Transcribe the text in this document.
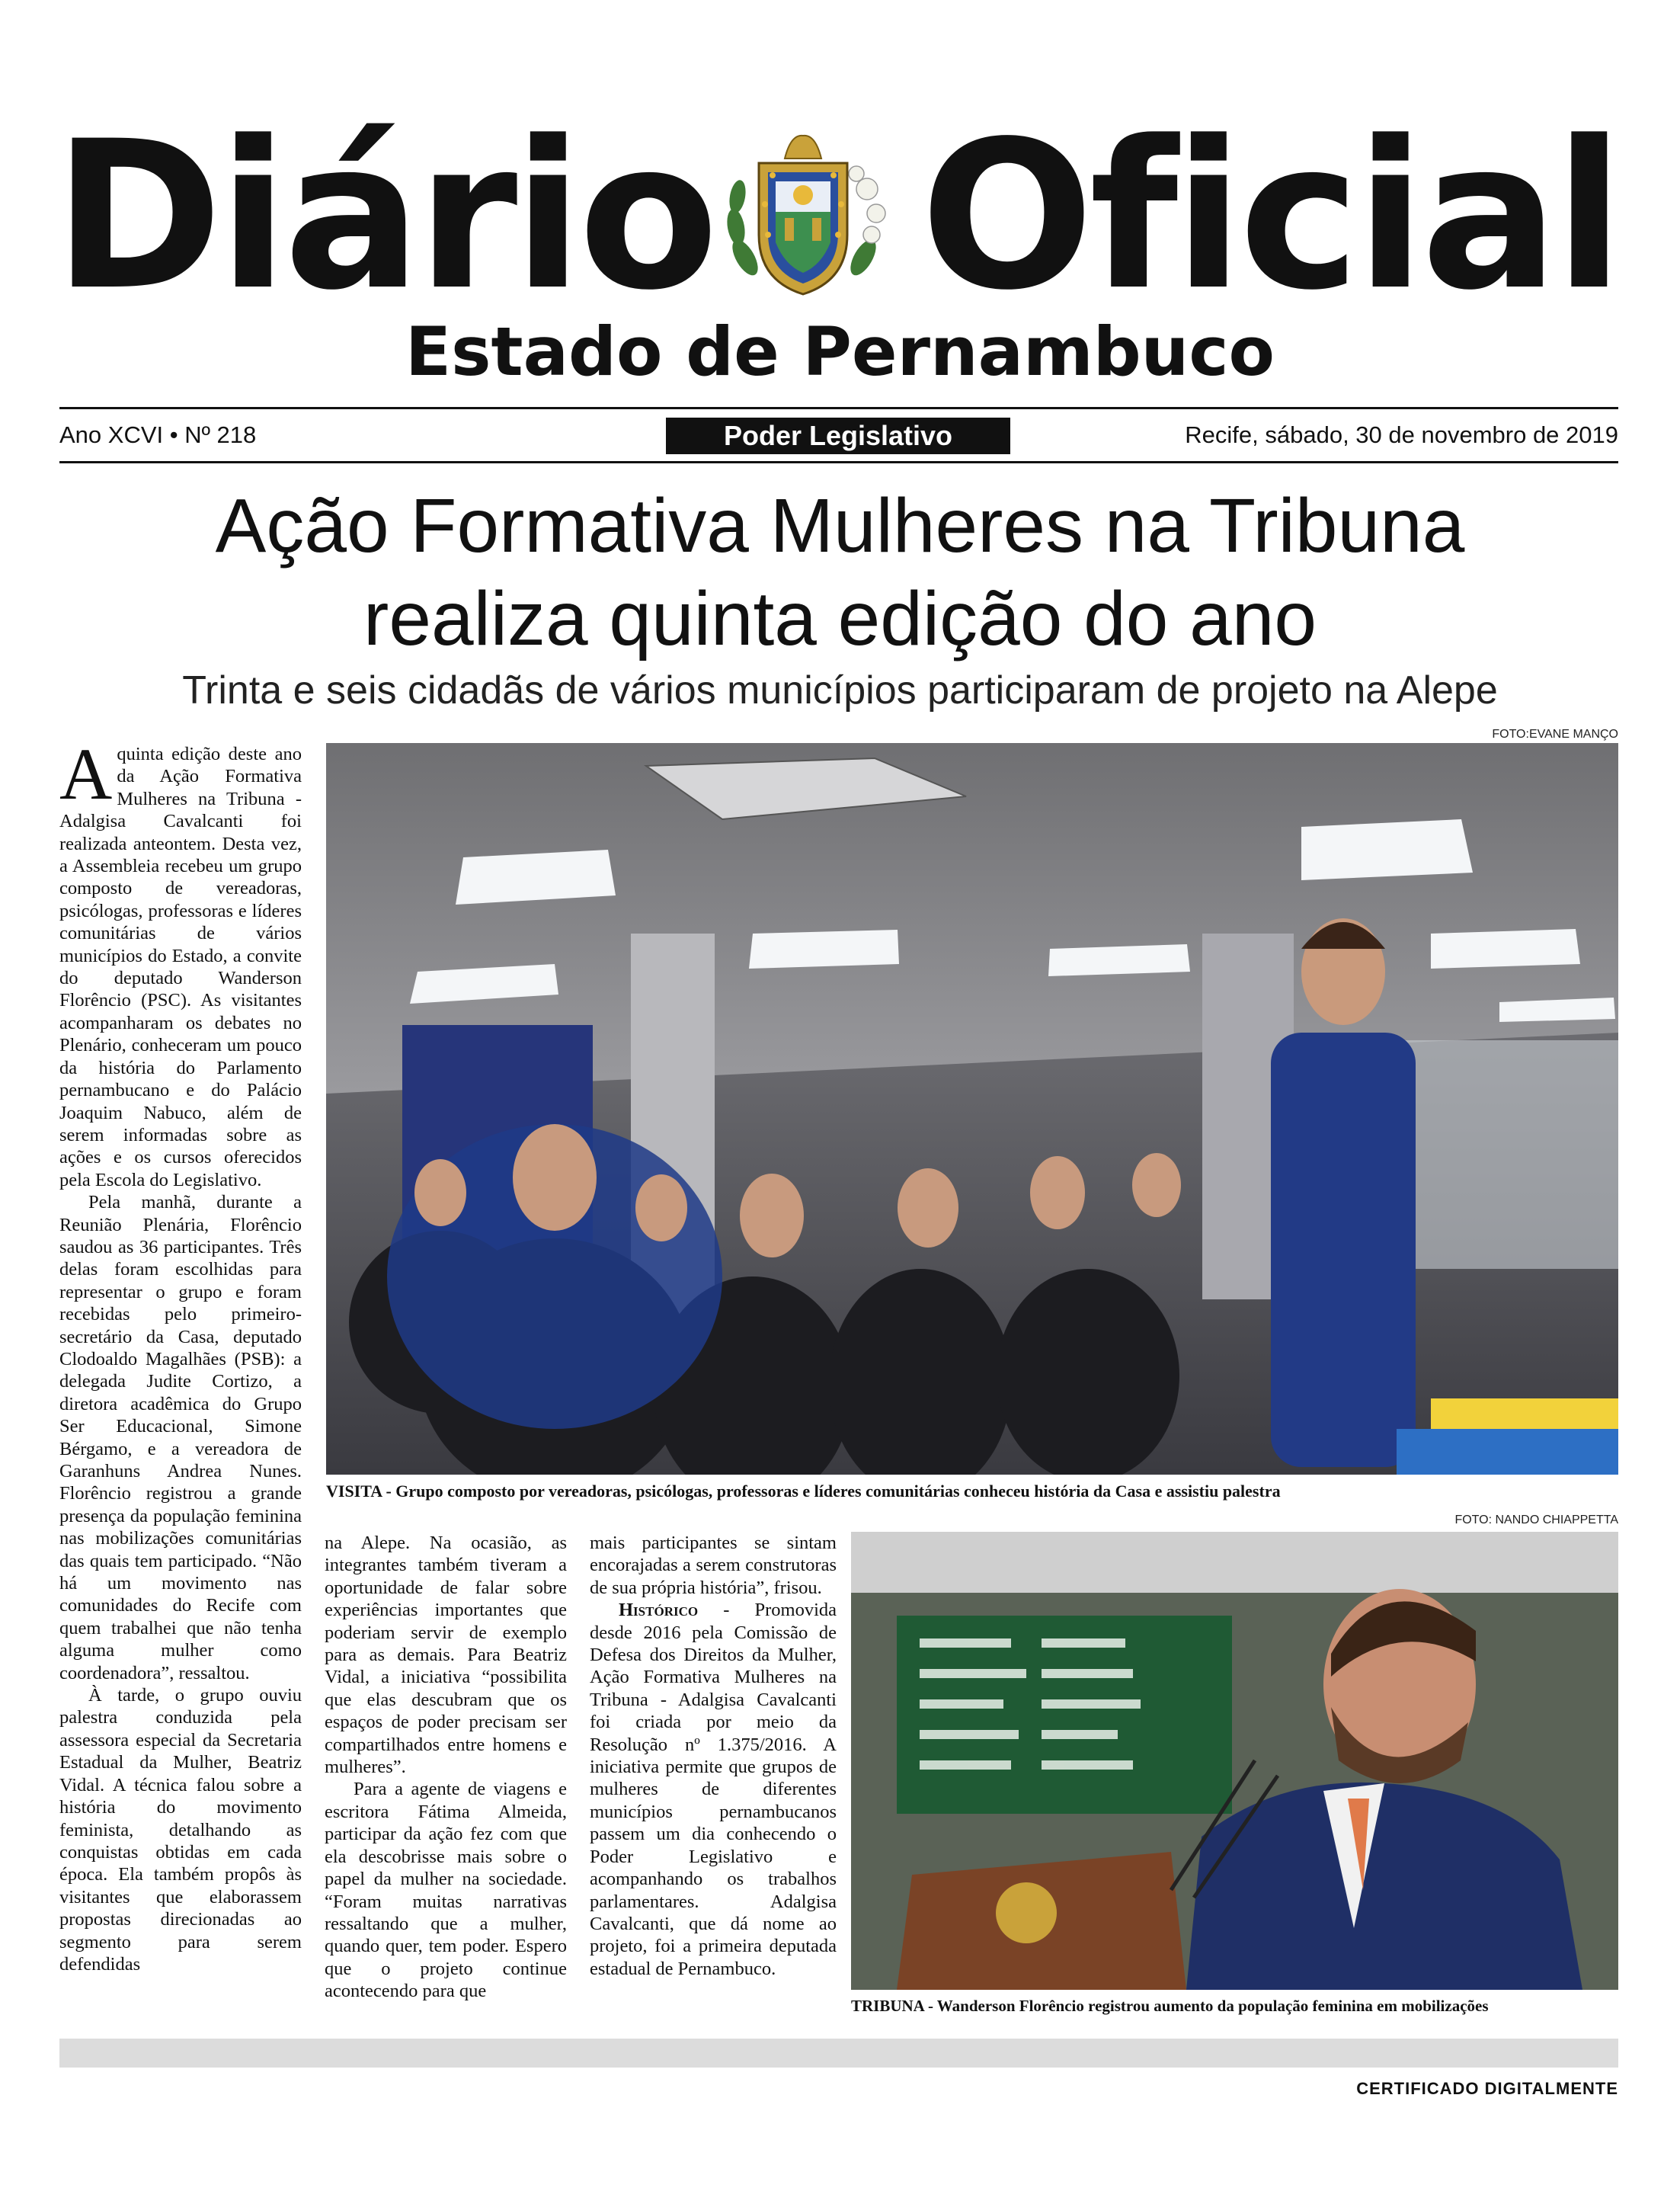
Diário Oficial
Estado de Pernambuco
Ano XCVI • Nº 218	Poder Legislativo	Recife, sábado, 30 de novembro de 2019
Ação Formativa Mulheres na Tribuna
realiza quinta edição do ano
Trinta e seis cidadãs de vários municípios participaram de projeto na Alepe
FOTO:EVANE MANÇO
VISITA - Grupo composto por vereadoras, psicólogas, professoras e líderes comunitárias conheceu história da Casa e assistiu palestra
FOTO: NANDO CHIAPPETTA
TRIBUNA - Wanderson Florêncio registrou aumento da população feminina em mobilizações

A quinta edição deste ano da Ação Formativa Mulheres na Tribuna - Adalgisa Cavalcanti foi realizada anteontem. Desta vez, a Assembleia recebeu um grupo composto de vereadoras, psicólogas, professoras e líderes comunitárias de vários municípios do Estado, a convite do deputado Wanderson Florêncio (PSC). As visitantes acompanharam os debates no Plenário, conheceram um pouco da história do Parlamento pernambucano e do Palácio Joaquim Nabuco, além de serem informadas sobre as ações e os cursos oferecidos pela Escola do Legislativo.

Pela manhã, durante a Reunião Plenária, Florêncio saudou as 36 participantes. Três delas foram escolhidas para representar o grupo e foram recebidas pelo primeiro-secretário da Casa, deputado Clodoaldo Magalhães (PSB): a delegada Judite Cortizo, a diretora acadêmica do Grupo Ser Educacional, Simone Bérgamo, e a vereadora de Garanhuns Andrea Nunes. Florêncio registrou a grande presença da população feminina nas mobilizações comunitárias das quais tem participado. “Não há um movimento nas comunidades do Recife com quem trabalhei que não tenha alguma mulher como coordenadora”, ressaltou.

À tarde, o grupo ouviu palestra conduzida pela assessora especial da Secretaria Estadual da Mulher, Beatriz Vidal. A técnica falou sobre a história do movimento feminista, detalhando as conquistas obtidas em cada época. Ela também propôs às visitantes que elaborassem propostas direcionadas ao segmento para serem defendidas

na Alepe. Na ocasião, as integrantes também tiveram a oportunidade de falar sobre experiências importantes que poderiam servir de exemplo para as demais. Para Beatriz Vidal, a iniciativa “possibilita que elas descubram que os espaços de poder precisam ser compartilhados entre homens e mulheres”.

Para a agente de viagens e escritora Fátima Almeida, participar da ação fez com que ela descobrisse mais sobre o papel da mulher na sociedade. “Foram muitas narrativas ressaltando que a mulher, quando quer, tem poder. Espero que o projeto continue acontecendo para que

mais participantes se sintam encorajadas a serem construtoras de sua própria história”, frisou.

Histórico - Promovida desde 2016 pela Comissão de Defesa dos Direitos da Mulher, Ação Formativa Mulheres na Tribuna - Adalgisa Cavalcanti foi criada por meio da Resolução nº 1.375/2016. A iniciativa permite que grupos de mulheres de diferentes municípios pernambucanos passem um dia conhecendo o Poder Legislativo e acompanhando os trabalhos parlamentares. Adalgisa Cavalcanti, que dá nome ao projeto, foi a primeira deputada estadual de Pernambuco.

CERTIFICADO DIGITALMENTE
